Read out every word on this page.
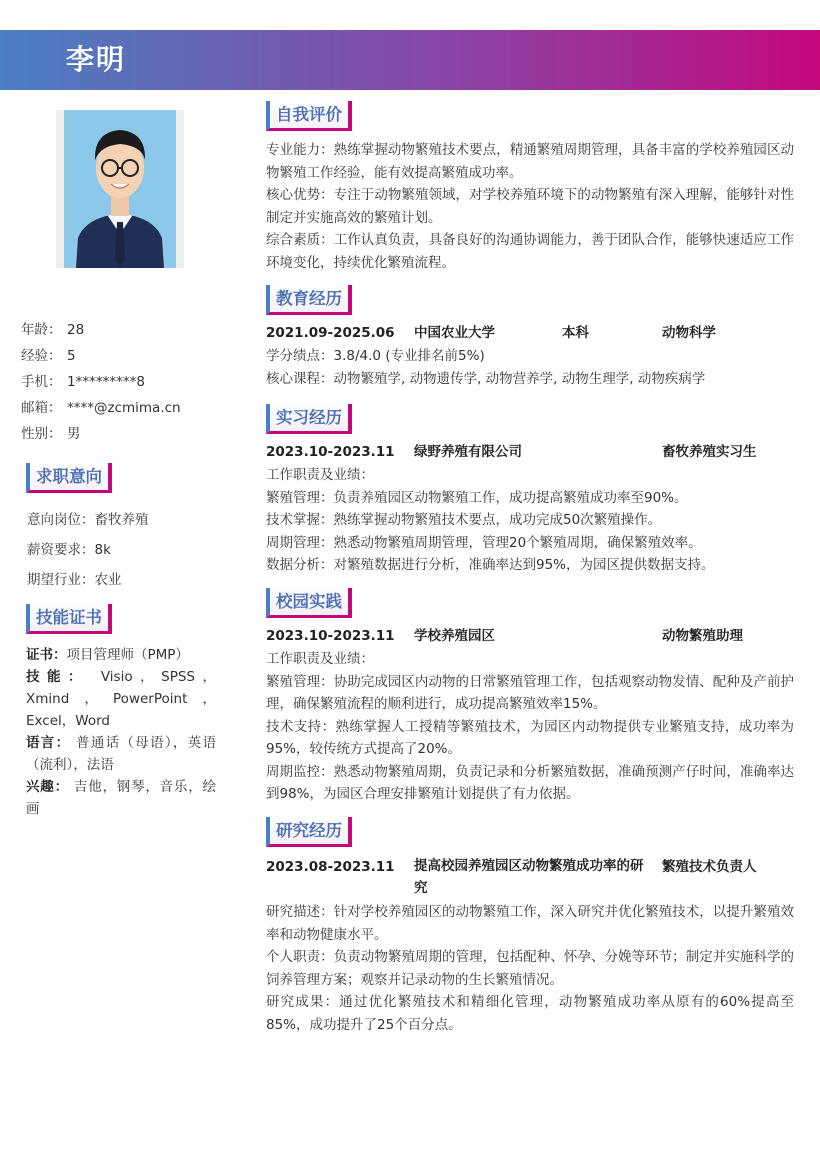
李明
年龄： 28
经验： 5
手机： 1*********8
邮箱： ****@zcmima.cn
性别： 男
求职意向
意向岗位：畜牧养殖
薪资要求：8k
期望行业：农业
技能证书

证书：项目管理师（PMP）

技能： Visio，SPSS，Xmind，PowerPoint，Excel，Word

语言： 普通话（母语），英语（流利），法语

兴趣： 吉他，钢琴，音乐，绘画

自我评价

专业能力：熟练掌握动物繁殖技术要点，精通繁殖周期管理，具备丰富的学校养殖园区动物繁殖工作经验，能有效提高繁殖成功率。

核心优势：专注于动物繁殖领域，对学校养殖环境下的动物繁殖有深入理解，能够针对性制定并实施高效的繁殖计划。

综合素质：工作认真负责，具备良好的沟通协调能力，善于团队合作，能够快速适应工作环境变化，持续优化繁殖流程。

教育经历
2021.09-2025.06 中国农业大学	本科	动物科学

学分绩点：3.8/4.0 (专业排名前5%)

核心课程：动物繁殖学, 动物遗传学, 动物营养学, 动物生理学, 动物疾病学

实习经历
2023.10-2023.11 绿野养殖有限公司	畜牧养殖实习生

工作职责及业绩：

繁殖管理：负责养殖园区动物繁殖工作，成功提高繁殖成功率至90%。

技术掌握：熟练掌握动物繁殖技术要点，成功完成50次繁殖操作。

周期管理：熟悉动物繁殖周期管理，管理20个繁殖周期，确保繁殖效率。

数据分析：对繁殖数据进行分析，准确率达到95%，为园区提供数据支持。

校园实践
2023.10-2023.11 学校养殖园区	动物繁殖助理

工作职责及业绩：

繁殖管理：协助完成园区内动物的日常繁殖管理工作，包括观察动物发情、配种及产前护理，确保繁殖流程的顺利进行，成功提高繁殖效率15%。

技术支持：熟练掌握人工授精等繁殖技术，为园区内动物提供专业繁殖支持，成功率为95%，较传统方式提高了20%。

周期监控：熟悉动物繁殖周期，负责记录和分析繁殖数据，准确预测产仔时间，准确率达到98%，为园区合理安排繁殖计划提供了有力依据。

研究经历
2023.08-2023.11 提高校园养殖园区动物繁殖成功率的研究
繁殖技术负责人

研究描述：针对学校养殖园区的动物繁殖工作，深入研究并优化繁殖技术，以提升繁殖效率和动物健康水平。

个人职责：负责动物繁殖周期的管理，包括配种、怀孕、分娩等环节；制定并实施科学的饲养管理方案；观察并记录动物的生长繁殖情况。

研究成果：通过优化繁殖技术和精细化管理，动物繁殖成功率从原有的60%提高至85%，成功提升了25个百分点。
